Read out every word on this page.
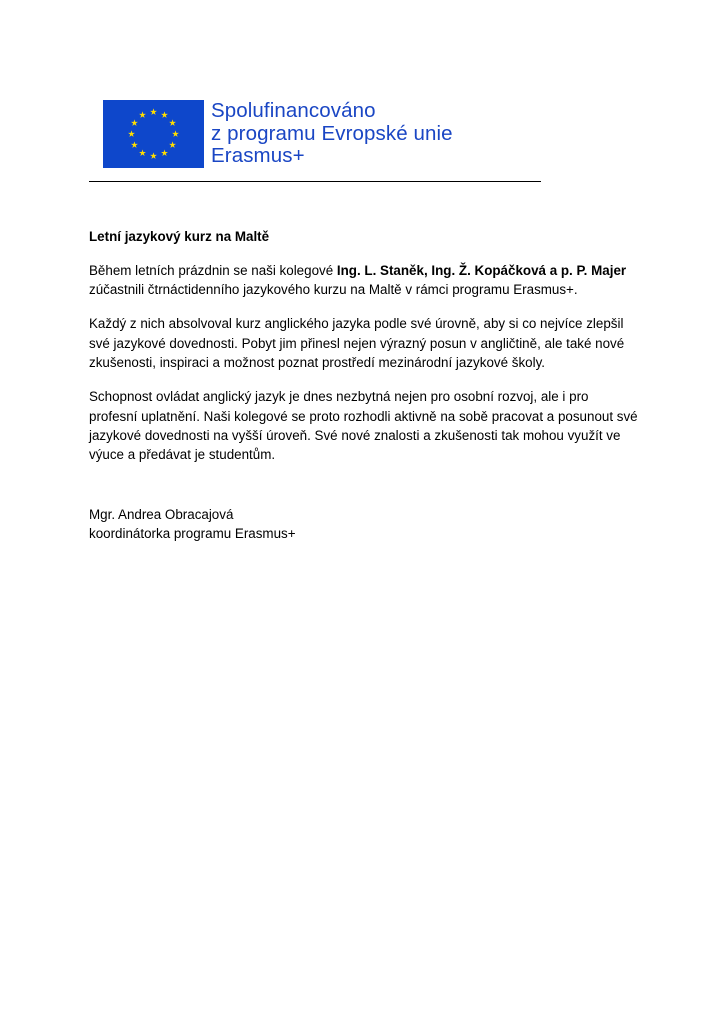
Spolufinancováno
z programu Evropské unie
Erasmus+

Letní jazykový kurz na Maltě

Během letních prázdnin se naši kolegové Ing. L. Staněk, Ing. Ž. Kopáčková a p. P. Majer
zúčastnili čtrnáctidenního jazykového kurzu na Maltě v rámci programu Erasmus+.

Každý z nich absolvoval kurz anglického jazyka podle své úrovně, aby si co nejvíce zlepšil
své jazykové dovednosti. Pobyt jim přinesl nejen výrazný posun v angličtině, ale také nové
zkušenosti, inspiraci a možnost poznat prostředí mezinárodní jazykové školy.

Schopnost ovládat anglický jazyk je dnes nezbytná nejen pro osobní rozvoj, ale i pro
profesní uplatnění. Naši kolegové se proto rozhodli aktivně na sobě pracovat a posunout své
jazykové dovednosti na vyšší úroveň. Své nové znalosti a zkušenosti tak mohou využít ve
výuce a předávat je studentům.

Mgr. Andrea Obracajová
koordinátorka programu Erasmus+
